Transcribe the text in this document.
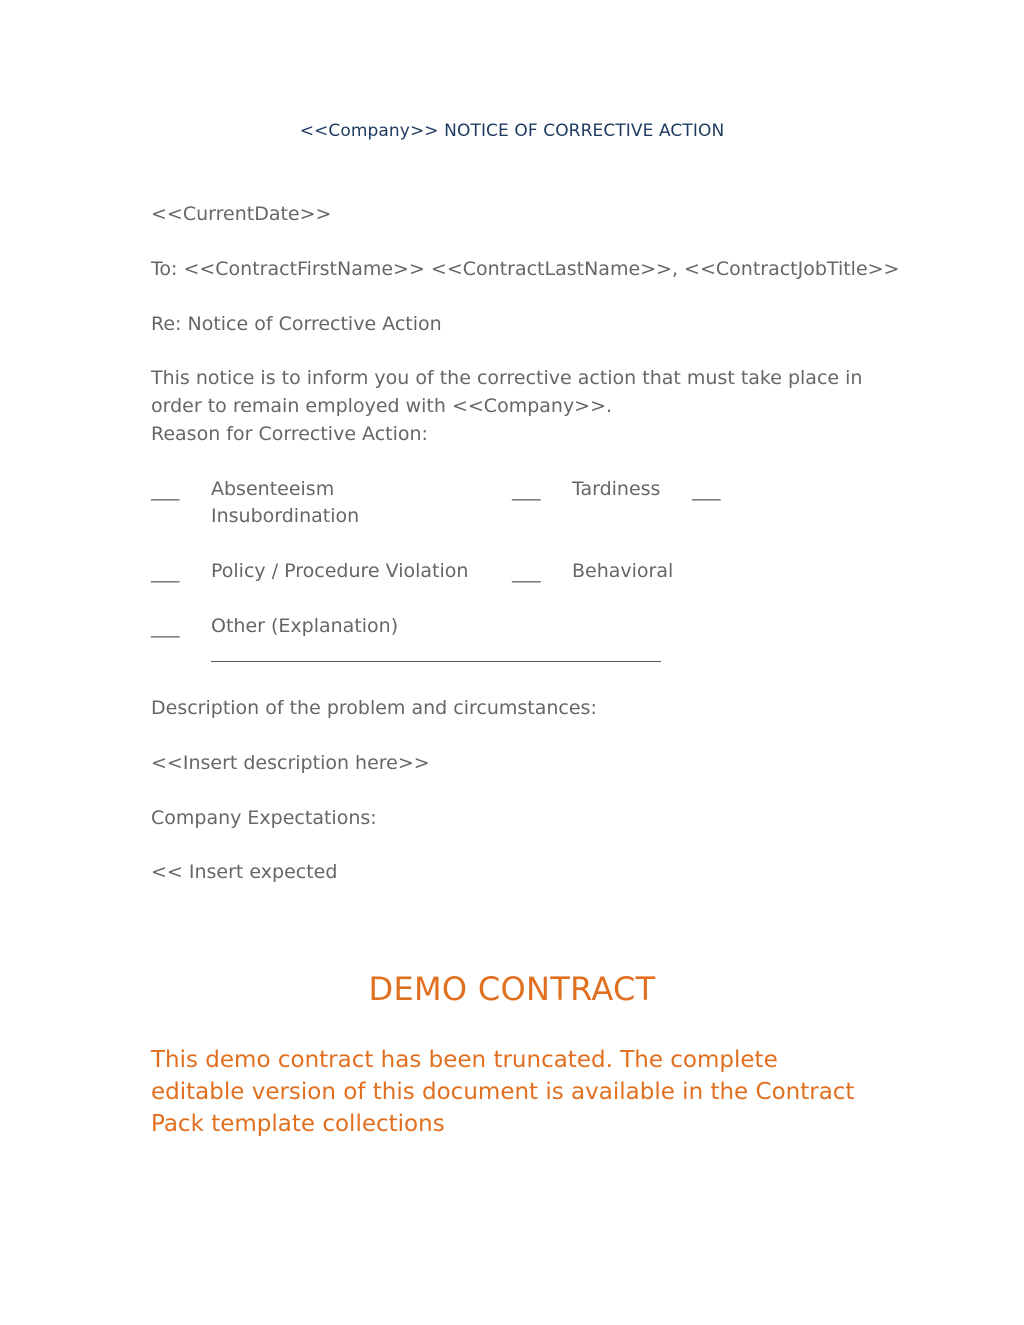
<<Company>> NOTICE OF CORRECTIVE ACTION
<<CurrentDate>>
To: <<ContractFirstName>> <<ContractLastName>>, <<ContractJobTitle>>
Re: Notice of Corrective Action
This notice is to inform you of the corrective action that must take place in
order to remain employed with <<Company>>.
Reason for Corrective Action:
___ Absenteeism	___ Tardiness ___
Insubordination
___ Policy / Procedure Violation ___ Behavioral
___ Other (Explanation)
Description of the problem and circumstances:
<<Insert description here>>
Company Expectations:
<< Insert expected
DEMO CONTRACT
This demo contract has been truncated. The complete editable version of this document is available in the Contract Pack template collections
